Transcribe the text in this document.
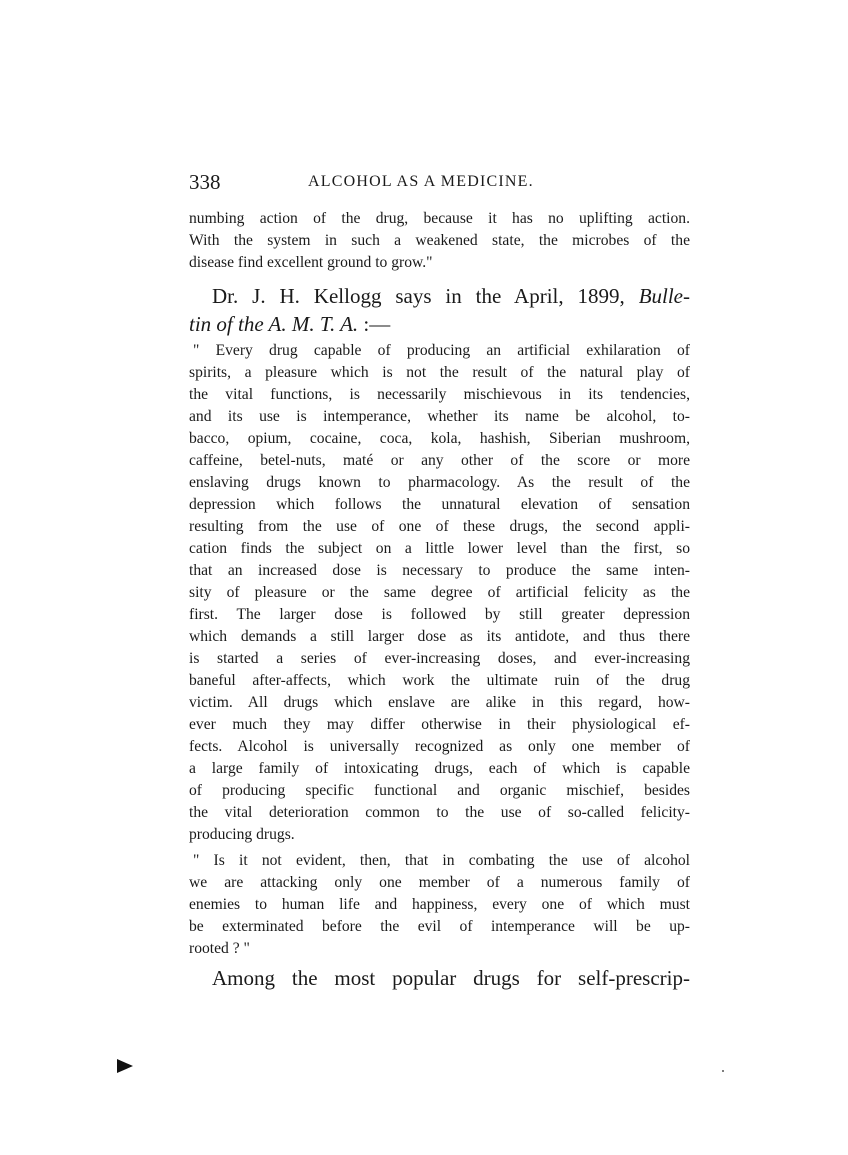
338	ALCOHOL AS A MEDICINE.
numbing action of the drug, because it has no uplifting action.
With the system in such a weakened state, the microbes of the
disease find excellent ground to grow."
Dr. J. H. Kellogg says in the April, 1899, Bulle-
tin of the A. M. T. A. :—
" Every drug capable of producing an artificial exhilaration of
spirits, a pleasure which is not the result of the natural play of
the vital functions, is necessarily mischievous in its tendencies,
and its use is intemperance, whether its name be alcohol, to-
bacco, opium, cocaine, coca, kola, hashish, Siberian mushroom,
caffeine, betel-nuts, maté or any other of the score or more
enslaving drugs known to pharmacology. As the result of the
depression which follows the unnatural elevation of sensation
resulting from the use of one of these drugs, the second appli-
cation finds the subject on a little lower level than the first, so
that an increased dose is necessary to produce the same inten-
sity of pleasure or the same degree of artificial felicity as the
first. The larger dose is followed by still greater depression
which demands a still larger dose as its antidote, and thus there
is started a series of ever-increasing doses, and ever-increasing
baneful after-affects, which work the ultimate ruin of the drug
victim. All drugs which enslave are alike in this regard, how-
ever much they may differ otherwise in their physiological ef-
fects. Alcohol is universally recognized as only one member of
a large family of intoxicating drugs, each of which is capable
of producing specific functional and organic mischief, besides
the vital deterioration common to the use of so-called felicity-
producing drugs.
" Is it not evident, then, that in combating the use of alcohol
we are attacking only one member of a numerous family of
enemies to human life and happiness, every one of which must
be exterminated before the evil of intemperance will be up-
rooted ? "
Among the most popular drugs for self-prescrip-
